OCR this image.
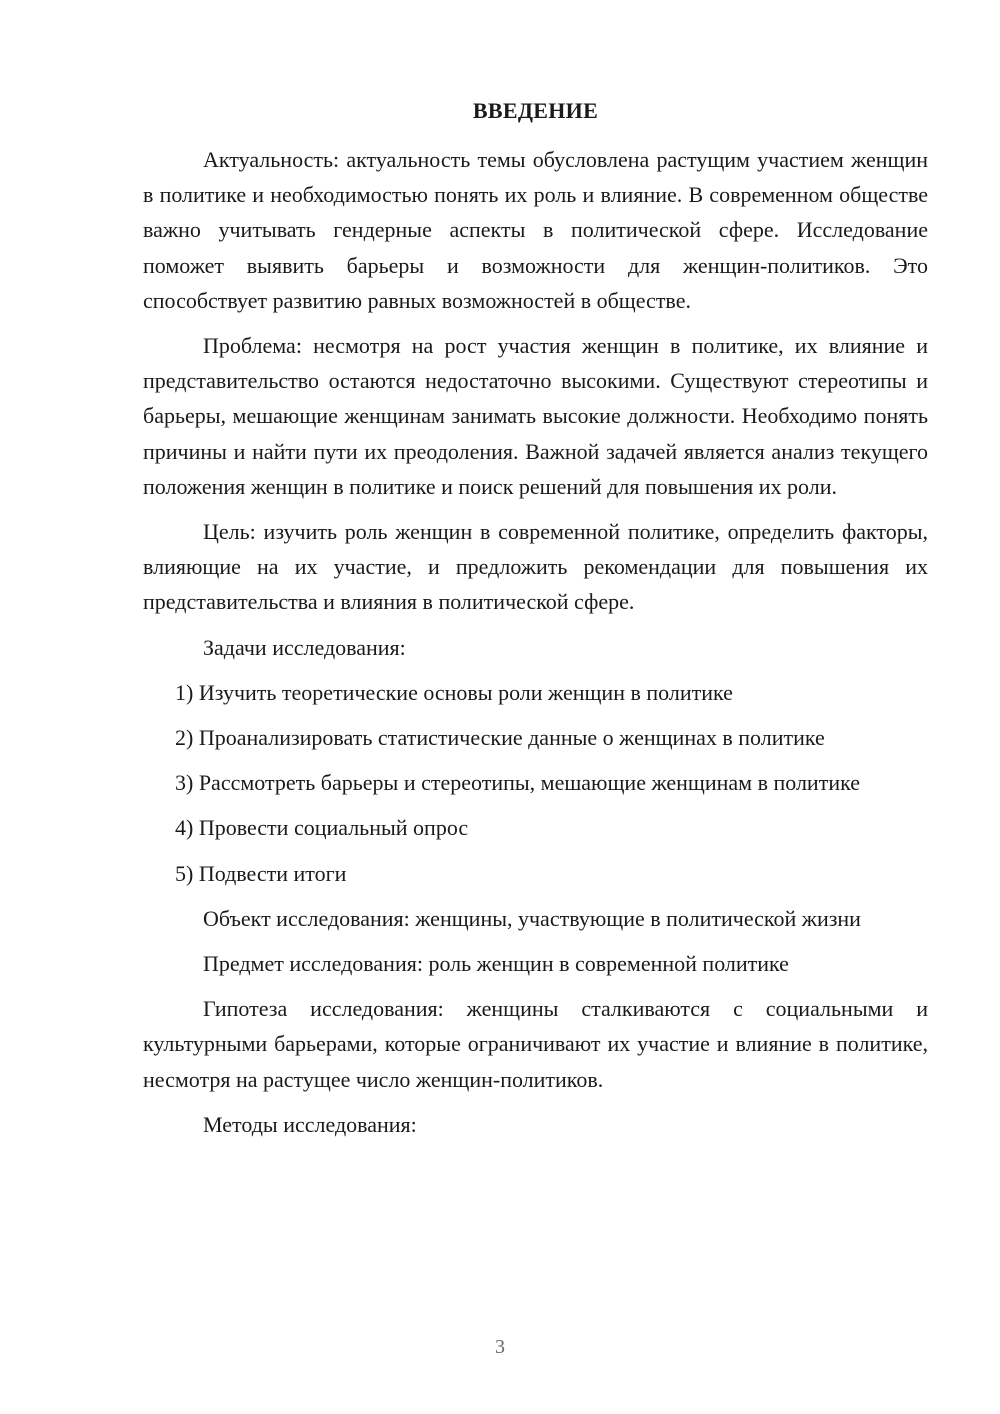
ВВЕДЕНИЕ

Актуальность: актуальность темы обусловлена растущим участием женщин в политике и необходимостью понять их роль и влияние. В современном обществе важно учитывать гендерные аспекты в политической сфере. Исследование поможет выявить барьеры и возможности для женщин-политиков. Это способствует развитию равных возможностей в обществе.

Проблема: несмотря на рост участия женщин в политике, их влияние и представительство остаются недостаточно высокими. Существуют стереотипы и барьеры, мешающие женщинам занимать высокие должности. Необходимо понять причины и найти пути их преодоления. Важной задачей является анализ текущего положения женщин в политике и поиск решений для повышения их роли.

Цель: изучить роль женщин в современной политике, определить факторы, влияющие на их участие, и предложить рекомендации для повышения их представительства и влияния в политической сфере.

Задачи исследования:

1) Изучить теоретические основы роли женщин в политике

2) Проанализировать статистические данные о женщинах в политике

3) Рассмотреть барьеры и стереотипы, мешающие женщинам в политике

4) Провести социальный опрос

5) Подвести итоги

Объект исследования: женщины, участвующие в политической жизни

Предмет исследования: роль женщин в современной политике

Гипотеза исследования: женщины сталкиваются с социальными и культурными барьерами, которые ограничивают их участие и влияние в политике, несмотря на растущее число женщин-политиков.

Методы исследования:

3
